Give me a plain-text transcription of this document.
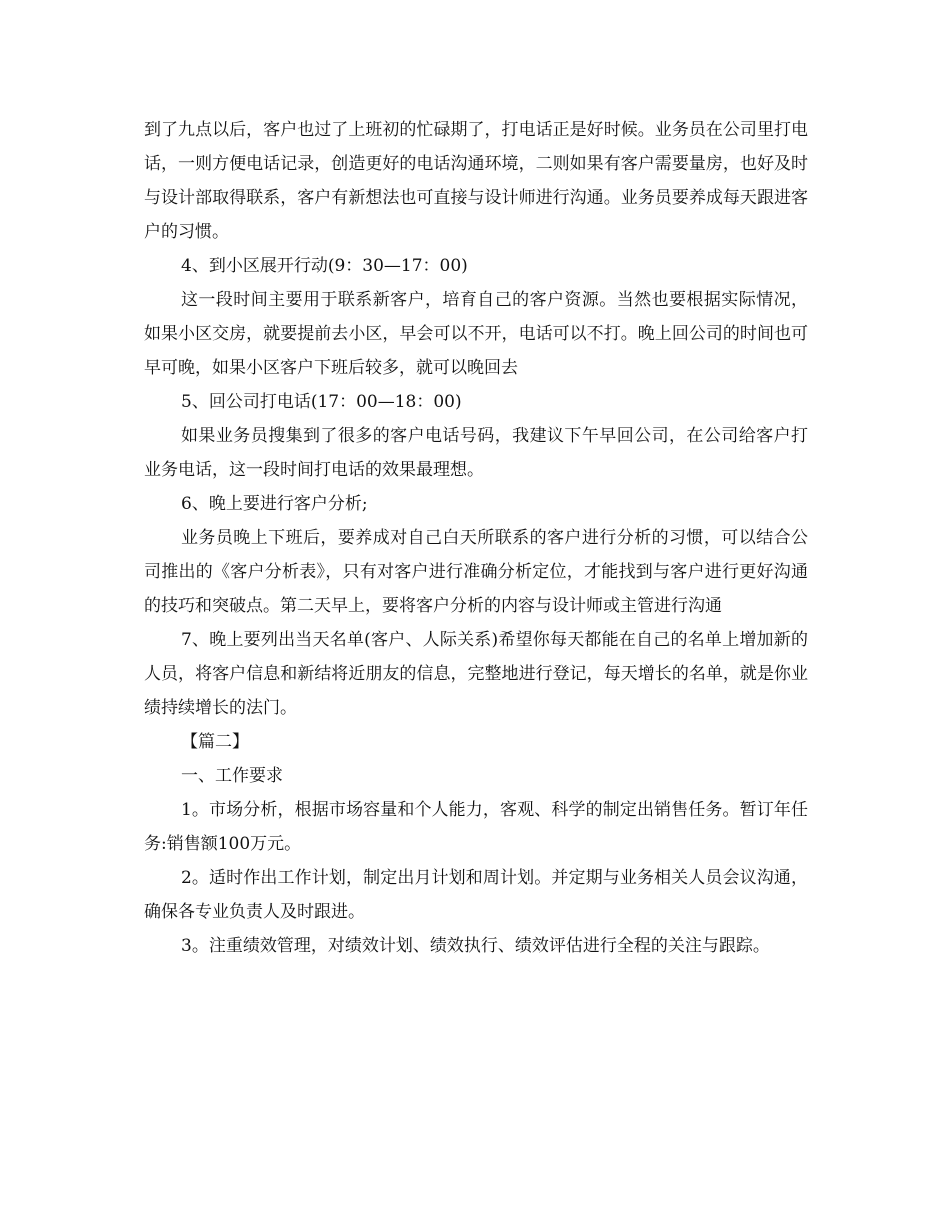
到了九点以后，客户也过了上班初的忙碌期了，打电话正是好时候。业务员在公司里打电话，一则方便电话记录，创造更好的电话沟通环境，二则如果有客户需要量房，也好及时与设计部取得联系，客户有新想法也可直接与设计师进行沟通。业务员要养成每天跟进客户的习惯。

4、到小区展开行动(9：30—17：00)

这一段时间主要用于联系新客户，培育自己的客户资源。当然也要根据实际情况，如果小区交房，就要提前去小区，早会可以不开，电话可以不打。晚上回公司的时间也可早可晚，如果小区客户下班后较多，就可以晚回去

5、回公司打电话(17：00—18：00)

如果业务员搜集到了很多的客户电话号码，我建议下午早回公司，在公司给客户打业务电话，这一段时间打电话的效果最理想。

6、晚上要进行客户分析;

业务员晚上下班后，要养成对自己白天所联系的客户进行分析的习惯，可以结合公司推出的《客户分析表》，只有对客户进行准确分析定位，才能找到与客户进行更好沟通的技巧和突破点。第二天早上，要将客户分析的内容与设计师或主管进行沟通

7、晚上要列出当天名单(客户、人际关系)希望你每天都能在自己的名单上增加新的人员，将客户信息和新结将近朋友的信息，完整地进行登记，每天增长的名单，就是你业绩持续增长的法门。

【篇二】

一、工作要求

1。市场分析，根据市场容量和个人能力，客观、科学的制定出销售任务。暂订年任务:销售额100万元。

2。适时作出工作计划，制定出月计划和周计划。并定期与业务相关人员会议沟通，确保各专业负责人及时跟进。

3。注重绩效管理，对绩效计划、绩效执行、绩效评估进行全程的关注与跟踪。
